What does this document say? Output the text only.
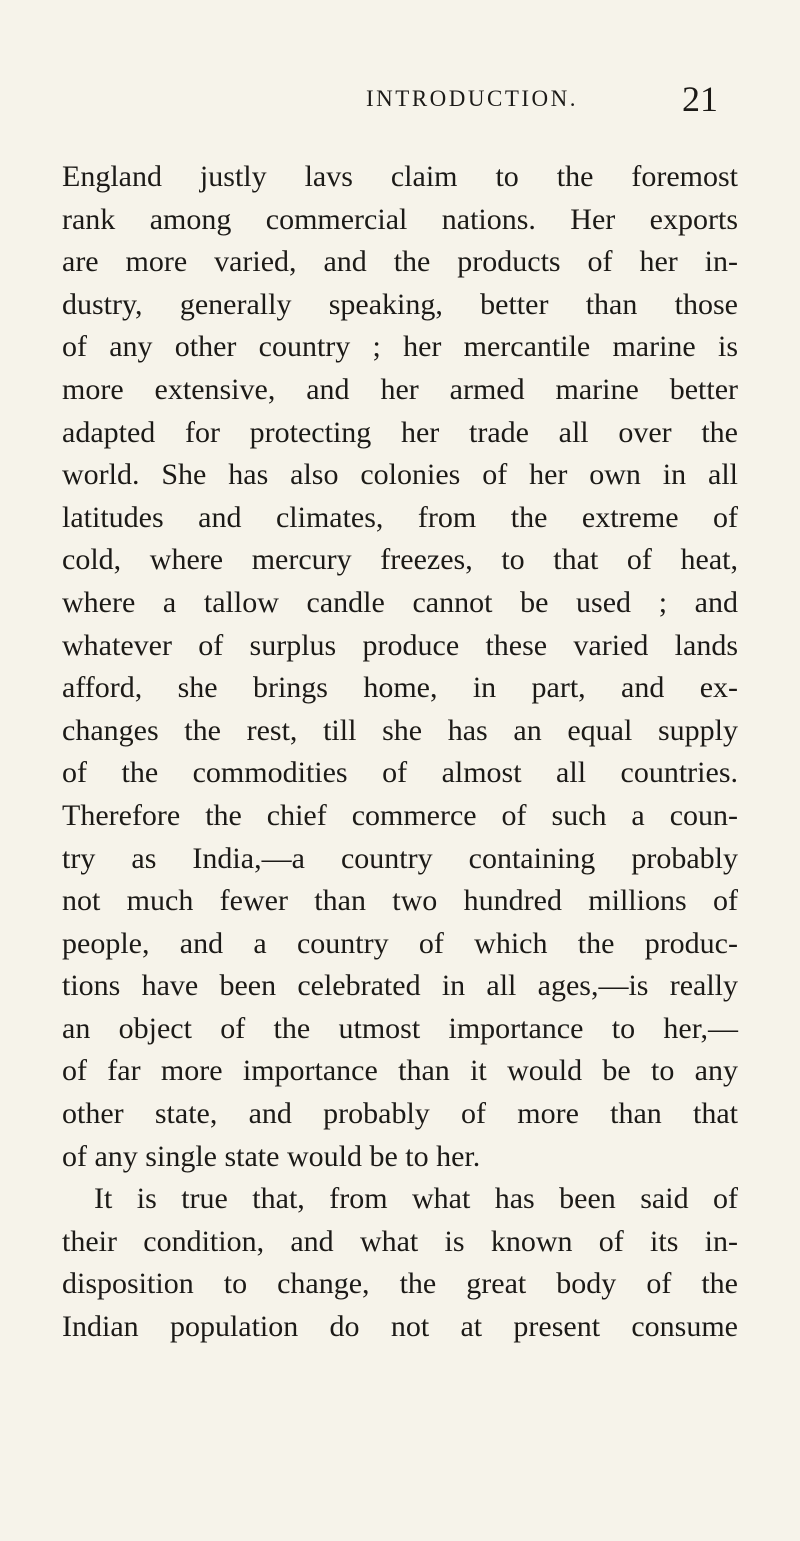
INTRODUCTION.	21
England justly lavs claim to the foremost
rank among commercial nations. Her exports
are more varied, and the products of her in-
dustry, generally speaking, better than those
of any other country ; her mercantile marine is
more extensive, and her armed marine better
adapted for protecting her trade all over the
world. She has also colonies of her own in all
latitudes and climates, from the extreme of
cold, where mercury freezes, to that of heat,
where a tallow candle cannot be used ; and
whatever of surplus produce these varied lands
afford, she brings home, in part, and ex-
changes the rest, till she has an equal supply
of the commodities of almost all countries.
Therefore the chief commerce of such a coun-
try as India,—a country containing probably
not much fewer than two hundred millions of
people, and a country of which the produc-
tions have been celebrated in all ages,—is really
an object of the utmost importance to her,—
of far more importance than it would be to any
other state, and probably of more than that
of any single state would be to her.
It is true that, from what has been said of
their condition, and what is known of its in-
disposition to change, the great body of the
Indian population do not at present consume
